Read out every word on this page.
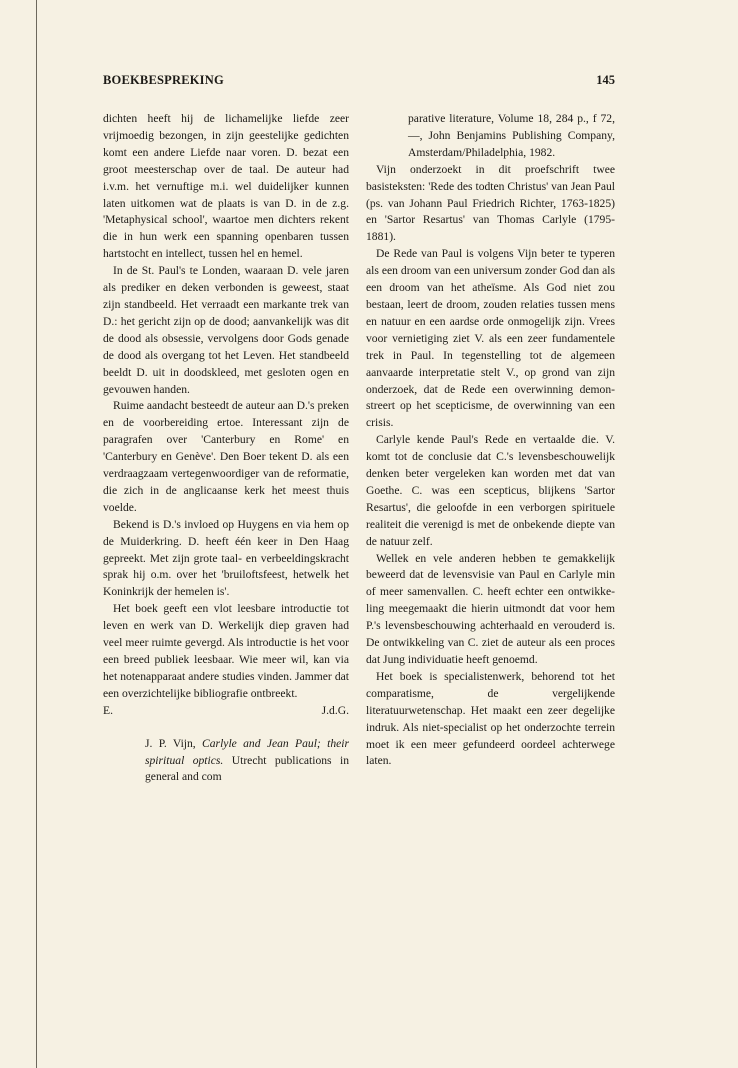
BOEKBESPREKING	145

dichten heeft hij de lichamelijke liefde zeer vrijmoedig bezongen, in zijn geestelijke gedichten komt een andere Liefde naar voren. D. bezat een groot meesterschap over de taal. De auteur had i.v.m. het vernuftige m.i. wel duidelijker kunnen laten uitkomen wat de plaats is van D. in de z.g. 'Metaphysical school', waartoe men dichters rekent die in hun werk een spanning openbaren tussen hartstocht en intellect, tussen hel en hemel.

In de St. Paul's te Londen, waaraan D. vele jaren als prediker en deken verbonden is geweest, staat zijn standbeeld. Het verraadt een markante trek van D.: het gericht zijn op de dood; aanvankelijk was dit de dood als obsessie, vervolgens door Gods genade de dood als overgang tot het Leven. Het standbeeld beeldt D. uit in doodskleed, met gesloten ogen en gevouwen handen.

Ruime aandacht besteedt de auteur aan D.'s preken en de voorbereiding ertoe. Interessant zijn de paragrafen over 'Canterbury en Rome' en 'Canterbury en Genève'. Den Boer tekent D. als een verdraagzaam vertegenwoordiger van de reformatie, die zich in de anglicaanse kerk het meest thuis voelde.

Bekend is D.'s invloed op Huygens en via hem op de Muiderkring. D. heeft één keer in Den Haag gepreekt. Met zijn grote taal- en verbeeldingskracht sprak hij o.m. over het 'bruiloftsfeest, hetwelk het Koninkrijk der hemelen is'.

Het boek geeft een vlot leesbare introductie tot leven en werk van D. Werkelijk diep graven had veel meer ruimte gevergd. Als introductie is het voor een breed publiek leesbaar. Wie meer wil, kan via het notenapparaat andere studies vinden. Jammer dat een overzichtelijke bibliografie ontbreekt.

E.	J.d.G.

J. P. Vijn, Carlyle and Jean Paul; their spiritual optics. Utrecht publications in general and com

parative literature, Volume 18, 284 p., f 72,—, John Benjamins Publishing Company, Amsterdam/Philadelphia, 1982.

Vijn onderzoekt in dit proefschrift twee basisteksten: 'Rede des todten Christus' van Jean Paul (ps. van Johann Paul Friedrich Richter, 1763-1825) en 'Sartor Resartus' van Thomas Carlyle (1795-1881).

De Rede van Paul is volgens Vijn beter te typeren als een droom van een universum zonder God dan als een droom van het atheïsme. Als God niet zou bestaan, leert de droom, zouden relaties tussen mens en natuur en een aardse orde onmogelijk zijn. Vrees voor vernietiging ziet V. als een zeer fundamentele trek in Paul. In tegenstelling tot de algemeen aanvaarde interpretatie stelt V., op grond van zijn onderzoek, dat de Rede een overwinning demonstreert op het scepticisme, de overwinning van een crisis.

Carlyle kende Paul's Rede en vertaalde die. V. komt tot de conclusie dat C.'s levensbeschouwelijk denken beter vergeleken kan worden met dat van Goethe. C. was een scepticus, blijkens 'Sartor Resartus', die geloofde in een verborgen spirituele realiteit die verenigd is met de onbekende diepte van de natuur zelf.

Wellek en vele anderen hebben te gemakkelijk beweerd dat de levensvisie van Paul en Carlyle min of meer samenvallen. C. heeft echter een ontwikkeling meegemaakt die hierin uitmondt dat voor hem P.'s levensbeschouwing achterhaald en verouderd is. De ontwikkeling van C. ziet de auteur als een proces dat Jung individuatie heeft genoemd.

Het boek is specialistenwerk, behorend tot het comparatisme, de vergelijkende literatuurwetenschap. Het maakt een zeer degelijke indruk. Als niet-specialist op het onderzochte terrein moet ik een meer gefundeerd oordeel achterwege laten.
